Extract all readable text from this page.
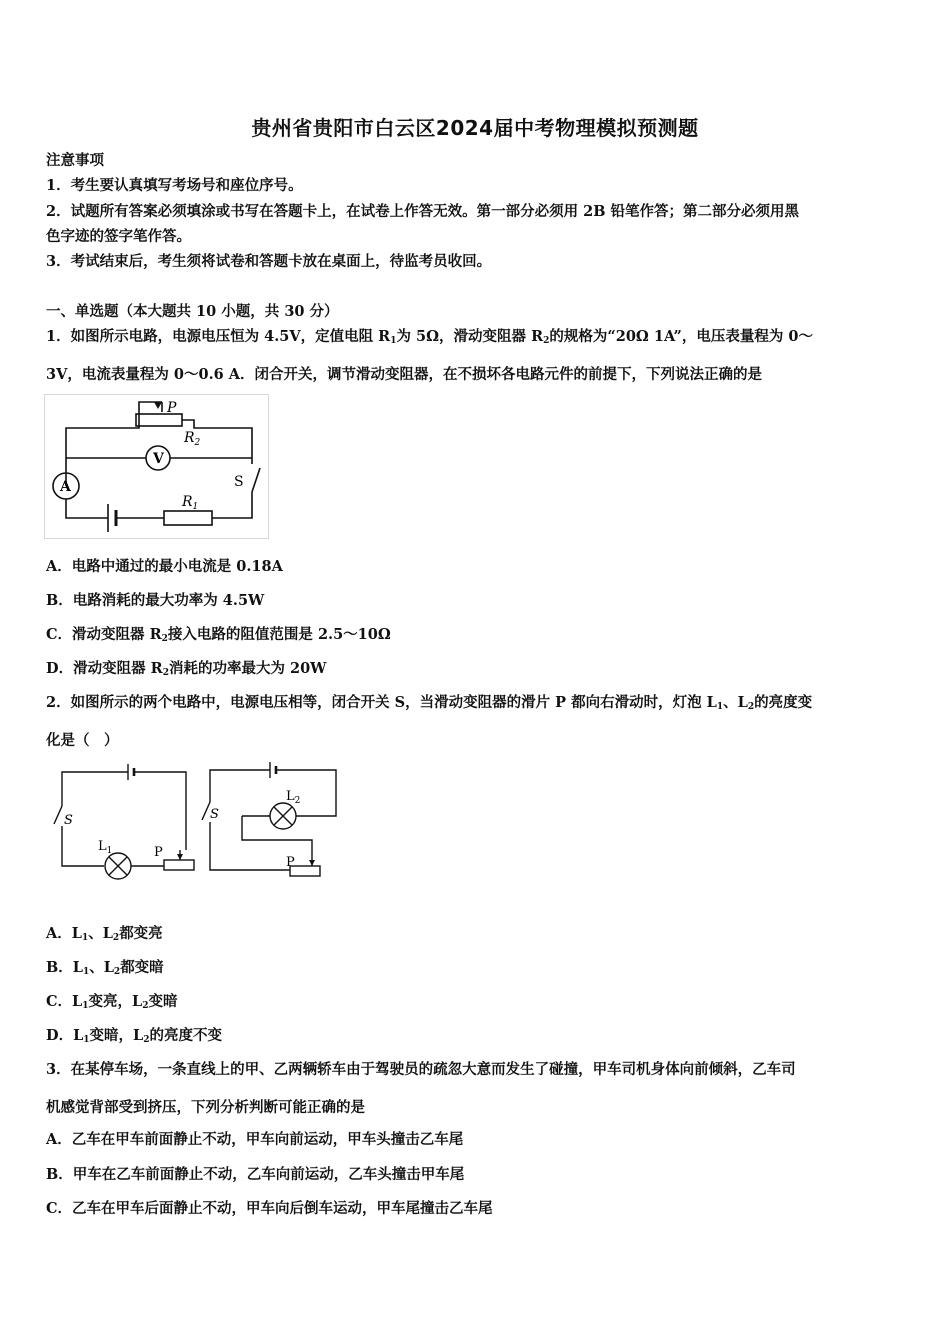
贵州省贵阳市白云区2024届中考物理模拟预测题
注意事项
1．考生要认真填写考场号和座位序号。
2．试题所有答案必须填涂或书写在答题卡上，在试卷上作答无效。第一部分必须用 2B 铅笔作答；第二部分必须用黑
色字迹的签字笔作答。
3．考试结束后，考生须将试卷和答题卡放在桌面上，待监考员收回。
一、单选题（本大题共 10 小题，共 30 分）
1．如图所示电路，电源电压恒为 4.5V，定值电阻 $R_1$为 5Ω，滑动变阻器 $R_2$的规格为“20Ω 1A”，电压表量程为 0～
3V，电流表量程为 0～0.6 A．闭合开关，调节滑动变阻器，在不损坏各电路元件的前提下，下列说法正确的是
P
$R_2$
V
A	S
$R_1$
A．电路中通过的最小电流是 0.18A
B．电路消耗的最大功率为 4.5W
C．滑动变阻器 $R_2$接入电路的阻值范围是 2.5～10Ω
D．滑动变阻器 $R_2$消耗的功率最大为 20W
2．如图所示的两个电路中，电源电压相等，闭合开关 S，当滑动变阻器的滑片 P 都向右滑动时，灯泡 $L_1$、$L_2$的亮度变
化是（　）
S
$L_1$	P
S
$L_2$
P
A．$L_1$、$L_2$都变亮
B．$L_1$、$L_2$都变暗
C．$L_1$变亮，$L_2$变暗
D．$L_1$变暗，$L_2$的亮度不变
3．在某停车场，一条直线上的甲、乙两辆轿车由于驾驶员的疏忽大意而发生了碰撞，甲车司机身体向前倾斜，乙车司
机感觉背部受到挤压，下列分析判断可能正确的是
A．乙车在甲车前面静止不动，甲车向前运动，甲车头撞击乙车尾
B．甲车在乙车前面静止不动，乙车向前运动，乙车头撞击甲车尾
C．乙车在甲车后面静止不动，甲车向后倒车运动，甲车尾撞击乙车尾
